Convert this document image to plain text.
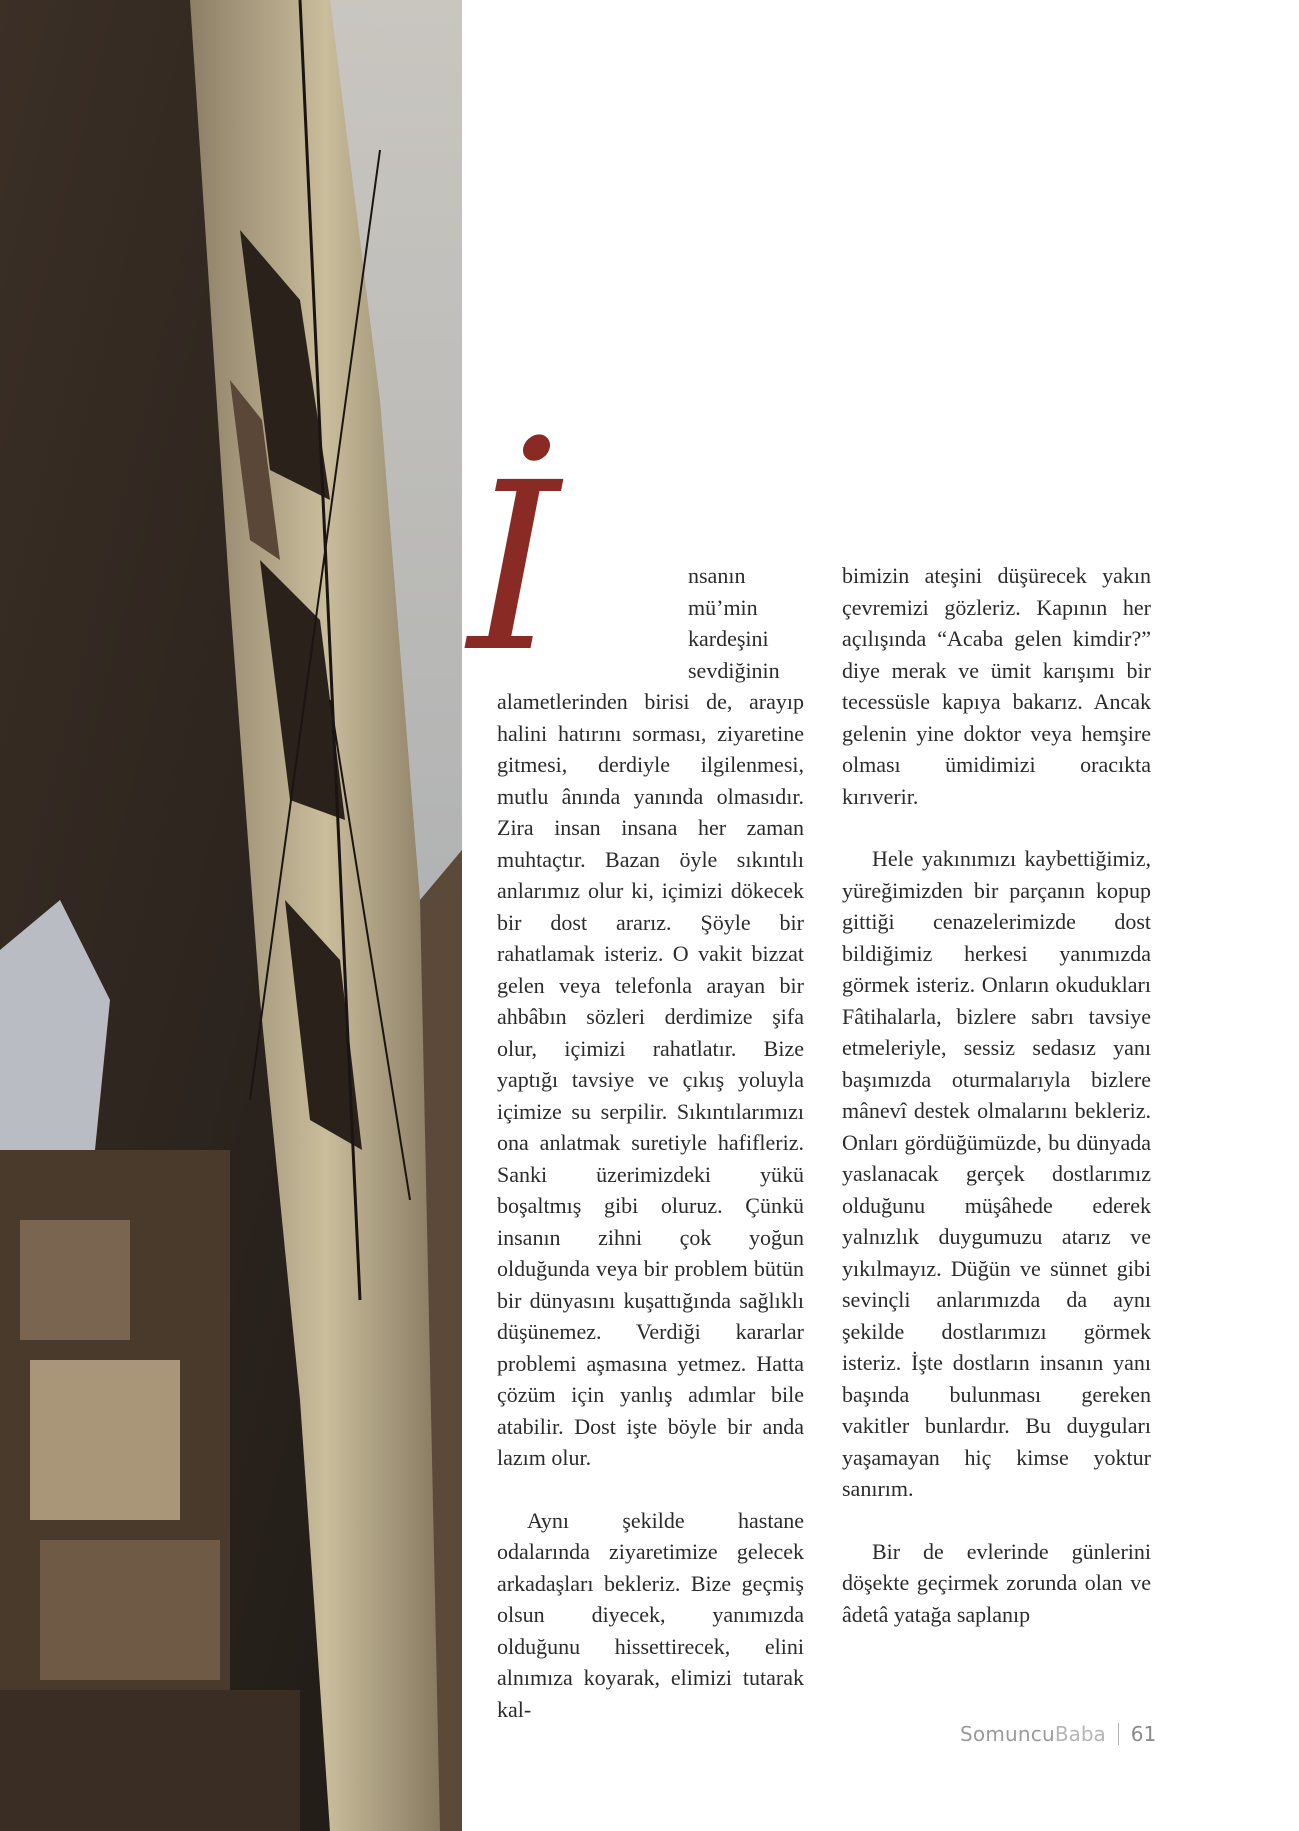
İ	nsanın mü’min kardeşini sevdiğinin alametlerinden birisi de, arayıp halini hatırını sorması, ziyaretine gitmesi, derdiyle ilgilenmesi, mutlu ânında yanında olmasıdır. Zira insan insana her zaman muhtaçtır. Bazan öyle sıkıntılı anlarımız olur ki, içimizi dökecek bir dost ararız. Şöyle bir rahatlamak isteriz. O vakit bizzat gelen veya telefonla arayan bir ahbâbın sözleri derdimize şifa olur, içimizi rahatlatır. Bize yaptığı tavsiye ve çıkış yoluyla içimize su serpilir. Sıkıntılarımızı ona anlatmak suretiyle hafifleriz. Sanki üzerimizdeki yükü boşaltmış gibi oluruz. Çünkü insanın zihni çok yoğun olduğunda veya bir problem bütün bir dünyasını kuşattığında sağlıklı düşünemez. Verdiği kararlar problemi aşmasına yetmez. Hatta çözüm için yanlış adımlar bile atabilir. Dost işte böyle bir anda lazım olur.

Aynı şekilde hastane odalarında ziyaretimize gelecek arkadaşları bekleriz. Bize geçmiş olsun diyecek, yanımızda olduğunu hissettirecek, elini alnımıza koyarak, elimizi tutarak kal-

bimizin ateşini düşürecek yakın çevremizi gözleriz. Kapının her açılışında “Acaba gelen kimdir?” diye merak ve ümit karışımı bir tecessüsle kapıya bakarız. Ancak gelenin yine doktor veya hemşire olması ümidimizi oracıkta kırıverir.

Hele yakınımızı kaybettiğimiz, yüreğimizden bir parçanın kopup gittiği cenazelerimizde dost bildiğimiz herkesi yanımızda görmek isteriz. Onların okudukları Fâtihalarla, bizlere sabrı tavsiye etmeleriyle, sessiz sedasız yanı başımızda oturmalarıyla bizlere mânevî destek olmalarını bekleriz. Onları gördüğümüzde, bu dünyada yaslanacak gerçek dostlarımız olduğunu müşâhede ederek yalnızlık duygumuzu atarız ve yıkılmayız. Düğün ve sünnet gibi sevinçli anlarımızda da aynı şekilde dostlarımızı görmek isteriz. İşte dostların insanın yanı başında bulunması gereken vakitler bunlardır. Bu duyguları yaşamayan hiç kimse yoktur sanırım.

Bir de evlerinde günlerini döşekte geçirmek zorunda olan ve âdetâ yatağa saplanıp

SomuncuBaba 61
